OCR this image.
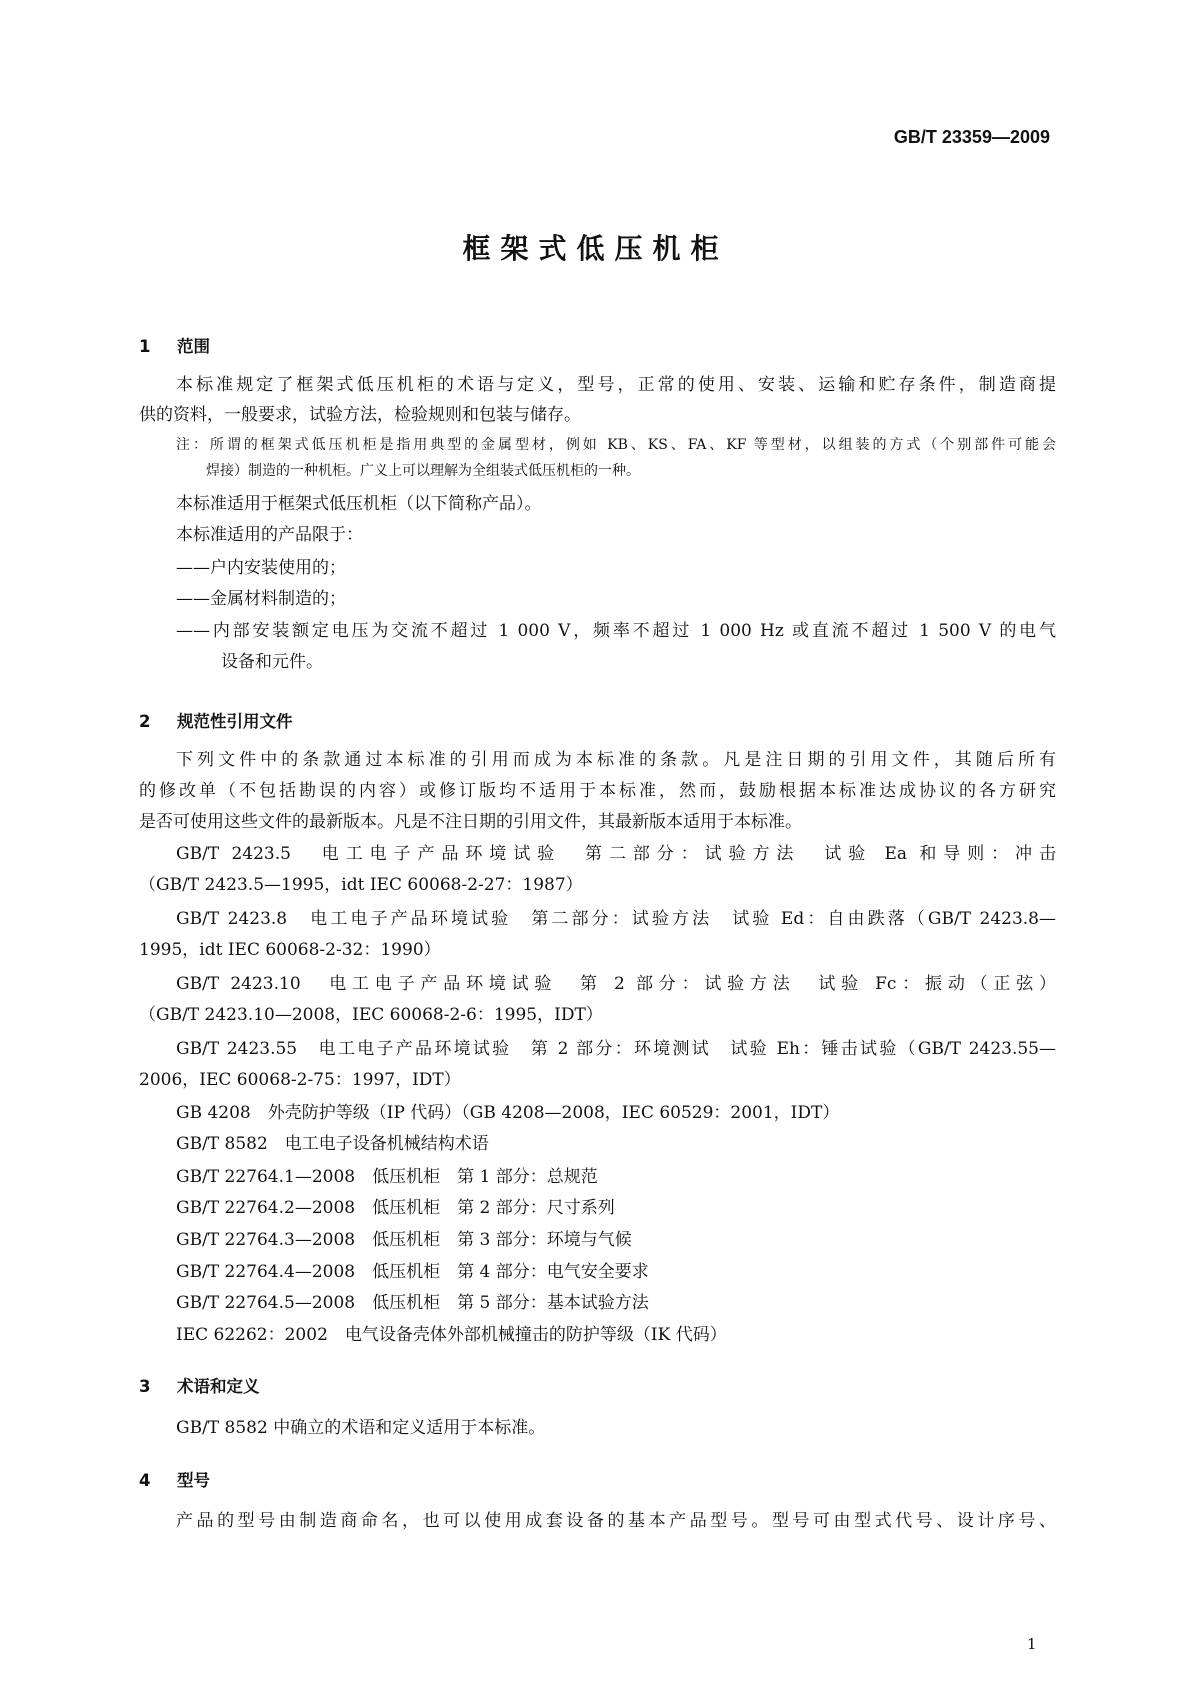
GB/T 23359—2009
框架式低压机柜
1 范围

本标准规定了框架式低压机柜的术语与定义，型号，正常的使用、安装、运输和贮存条件，制造商提

供的资料，一般要求，试验方法，检验规则和包装与储存。

注：所谓的框架式低压机柜是指用典型的金属型材，例如 KB、KS、FA、KF 等型材，以组装的方式（个别部件可能会

焊接）制造的一种机柜。广义上可以理解为全组装式低压机柜的一种。

本标准适用于框架式低压机柜（以下简称产品）。

本标准适用的产品限于：

——户内安装使用的；

——金属材料制造的；

——内部安装额定电压为交流不超过 1 000 V，频率不超过 1 000 Hz 或直流不超过 1 500 V 的电气

设备和元件。

2 规范性引用文件

下列文件中的条款通过本标准的引用而成为本标准的条款。凡是注日期的引用文件，其随后所有

的修改单（不包括勘误的内容）或修订版均不适用于本标准，然而，鼓励根据本标准达成协议的各方研究

是否可使用这些文件的最新版本。凡是不注日期的引用文件，其最新版本适用于本标准。

GB/T 2423.5　电工电子产品环境试验　第二部分：试验方法　试验 Ea 和导则：冲击

（GB/T 2423.5—1995，idt IEC 60068-2-27：1987）

GB/T 2423.8　电工电子产品环境试验　第二部分：试验方法　试验 Ed：自由跌落（GB/T 2423.8—

1995，idt IEC 60068-2-32：1990）

GB/T 2423.10　电工电子产品环境试验　第 2 部分：试验方法　试验 Fc：振动（正弦）

（GB/T 2423.10—2008，IEC 60068-2-6：1995，IDT）

GB/T 2423.55　电工电子产品环境试验　第 2 部分：环境测试　试验 Eh：锤击试验（GB/T 2423.55—

2006，IEC 60068-2-75：1997，IDT）

GB 4208　外壳防护等级（IP 代码）（GB 4208—2008，IEC 60529：2001，IDT）

GB/T 8582　电工电子设备机械结构术语

GB/T 22764.1—2008　低压机柜　第 1 部分：总规范

GB/T 22764.2—2008　低压机柜　第 2 部分：尺寸系列

GB/T 22764.3—2008　低压机柜　第 3 部分：环境与气候

GB/T 22764.4—2008　低压机柜　第 4 部分：电气安全要求

GB/T 22764.5—2008　低压机柜　第 5 部分：基本试验方法

IEC 62262：2002　电气设备壳体外部机械撞击的防护等级（IK 代码）

3 术语和定义

GB/T 8582 中确立的术语和定义适用于本标准。

4 型号

产品的型号由制造商命名，也可以使用成套设备的基本产品型号。型号可由型式代号、设计序号、

1
